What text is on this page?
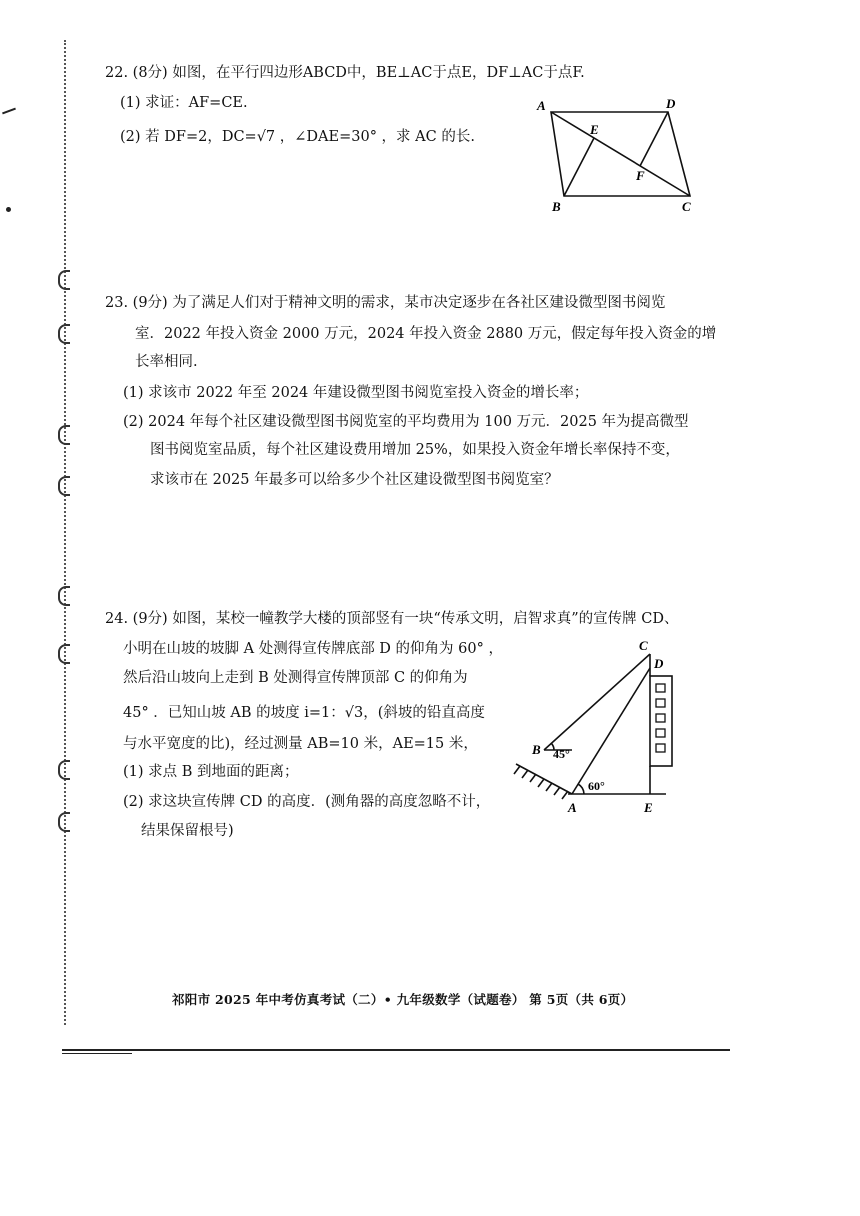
22. (8分) 如图，在平行四边形ABCD中，BE⊥AC于点E，DF⊥AC于点F.
(1) 求证：AF=CE.
(2) 若 DF=2，DC=√7 ，∠DAE=30° ，求 AC 的长.
A	D
E
F
B	C
23. (9分) 为了满足人们对于精神文明的需求，某市决定逐步在各社区建设微型图书阅览
室．2022 年投入资金 2000 万元，2024 年投入资金 2880 万元，假定每年投入资金的增
长率相同.
(1) 求该市 2022 年至 2024 年建设微型图书阅览室投入资金的增长率；
(2) 2024 年每个社区建设微型图书阅览室的平均费用为 100 万元．2025 年为提高微型
图书阅览室品质，每个社区建设费用增加 25%，如果投入资金年增长率保持不变，
求该市在 2025 年最多可以给多少个社区建设微型图书阅览室？
24. (9分) 如图，某校一幢教学大楼的顶部竖有一块“传承文明，启智求真”的宣传牌 CD、
小明在山坡的坡脚 A 处测得宣传牌底部 D 的仰角为 60° ，
然后沿山坡向上走到 B 处测得宣传牌顶部 C 的仰角为
45° ．已知山坡 AB 的坡度 i=1：√3，(斜坡的铅直高度
与水平宽度的比)，经过测量 AB=10 米，AE=15 米，
(1) 求点 B 到地面的距离；
(2) 求这块宣传牌 CD 的高度．(测角器的高度忽略不计，
结果保留根号)
C
D
B 45°
60°
A	E
祁阳市 2025 年中考仿真考试（二）• 九年级数学（试题卷） 第 5页（共 6页）
